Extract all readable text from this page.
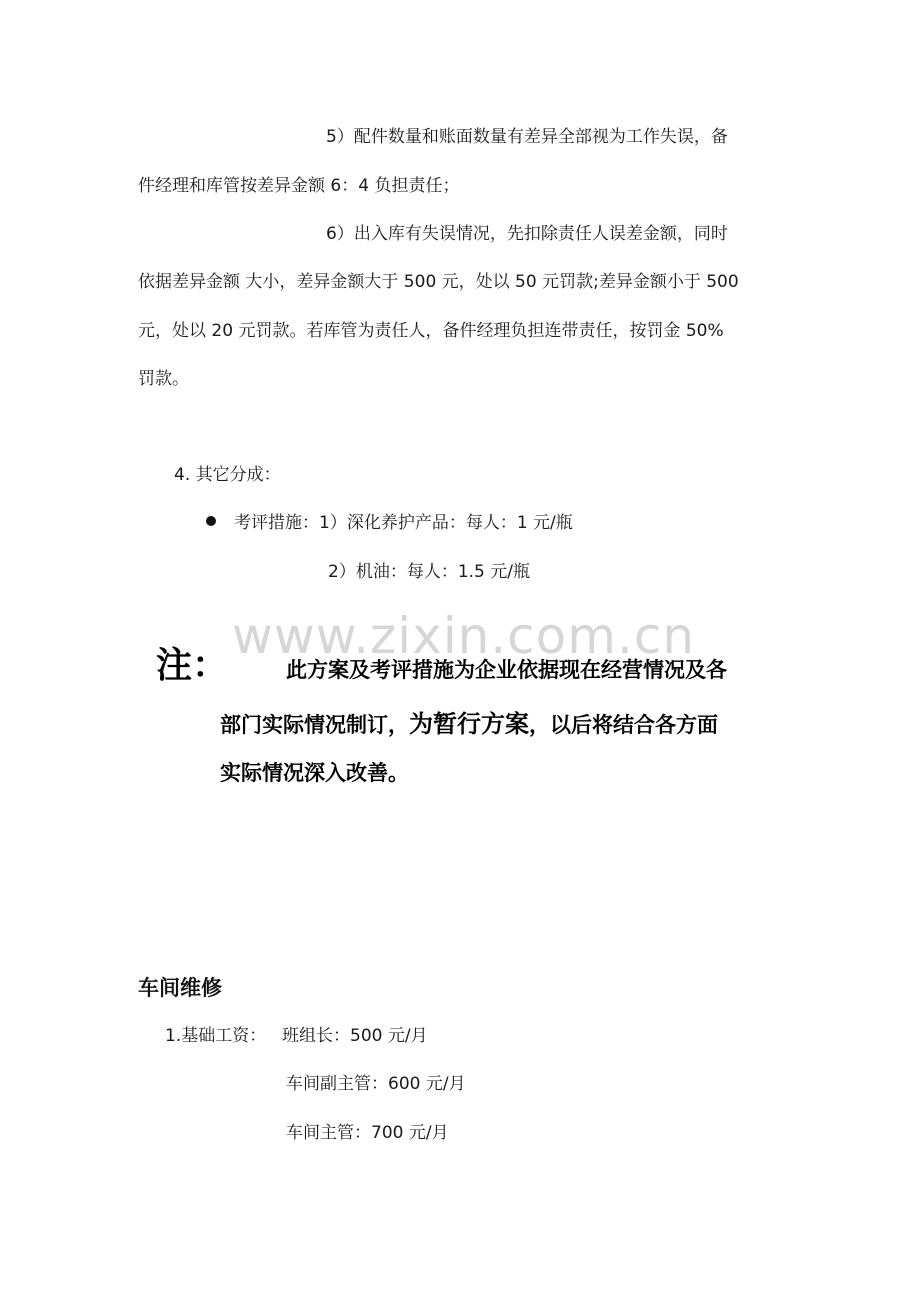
5）配件数量和账面数量有差异全部视为工作失误，备
件经理和库管按差异金额 6：4 负担责任；
6）出入库有失误情况，先扣除责任人误差金额，同时
依据差异金额 大小，差异金额大于 500 元，处以 50 元罚款;差异金额小于 500
元，处以 20 元罚款。若库管为责任人，备件经理负担连带责任，按罚金 50%
罚款。
4. 其它分成：
考评措施：1）深化养护产品：每人：1 元/瓶
2）机油：每人：1.5 元/瓶
www.zixin.com.cn
注：	此方案及考评措施为企业依据现在经营情况及各
部门实际情况制订，为暂行方案，以后将结合各方面
实际情况深入改善。
车间维修
1.基础工资： 班组长：500 元/月
车间副主管：600 元/月
车间主管：700 元/月
